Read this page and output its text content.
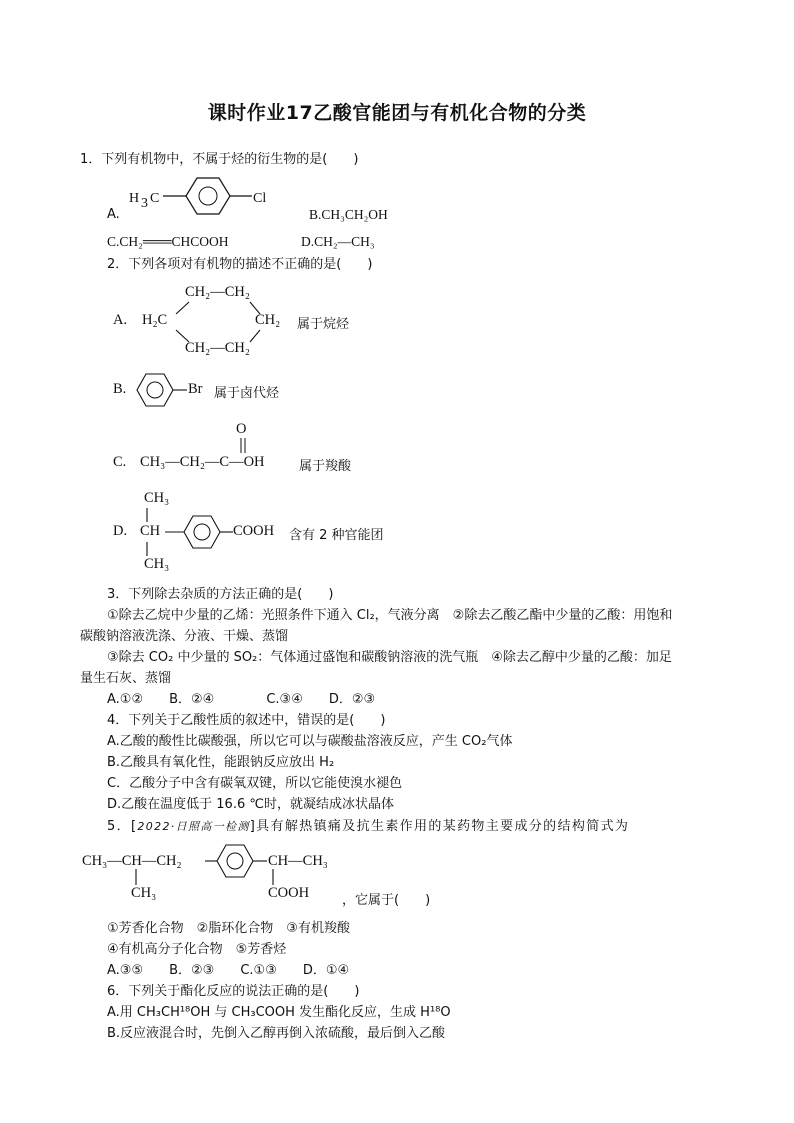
课时作业17乙酸官能团与有机化合物的分类
1．下列有机物中，不属于烃的衍生物的是(　　)
A.
H 3 C	Cl
B.CH₃CH₂OH
C.CH₂═══CHCOOH	D.CH₂—CH₃
2．下列各项对有机物的描述不正确的是(　　)
A.
CH₂—CH₂
H₂C	CH₂
CH₂—CH₂
属于烷烃
B.	Br 属于卤代烃
O
C. CH₃—CH₂—C—OH	属于羧酸
CH₃
D. CH
CH₃
COOH 含有 2 种官能团
3．下列除去杂质的方法正确的是(　　)
①除去乙烷中少量的乙烯：光照条件下通入 Cl₂，气液分离　②除去乙酸乙酯中少量的乙酸：用饱和
碳酸钠溶液洗涤、分液、干燥、蒸馏
③除去 CO₂ 中少量的 SO₂：气体通过盛饱和碳酸钠溶液的洗气瓶　④除去乙醇中少量的乙酸：加足
量生石灰、蒸馏
A.①②　　B．②④　　　　C.③④　　D．②③
4．下列关于乙酸性质的叙述中，错误的是(　　)
A.乙酸的酸性比碳酸强，所以它可以与碳酸盐溶液反应，产生 CO₂气体
B.乙酸具有氧化性，能跟钠反应放出 H₂
C．乙酸分子中含有碳氧双键，所以它能使溴水褪色
D.乙酸在温度低于 16.6 ℃时，就凝结成冰状晶体
5．[2022·日照高一检测]具有解热镇痛及抗生素作用的某药物主要成分的结构简式为
CH₃—CH—CH₂
CH₃
CH—CH₃
COOH	，它属于(　　)
①芳香化合物　②脂环化合物　③有机羧酸
④有机高分子化合物　⑤芳香烃
A.③⑤　　B．②③　　C.①③　　D．①④
6．下列关于酯化反应的说法正确的是(　　)
A.用 CH₃CH¹⁸OH 与 CH₃COOH 发生酯化反应，生成 H¹⁸O
B.反应液混合时，先倒入乙醇再倒入浓硫酸，最后倒入乙酸
